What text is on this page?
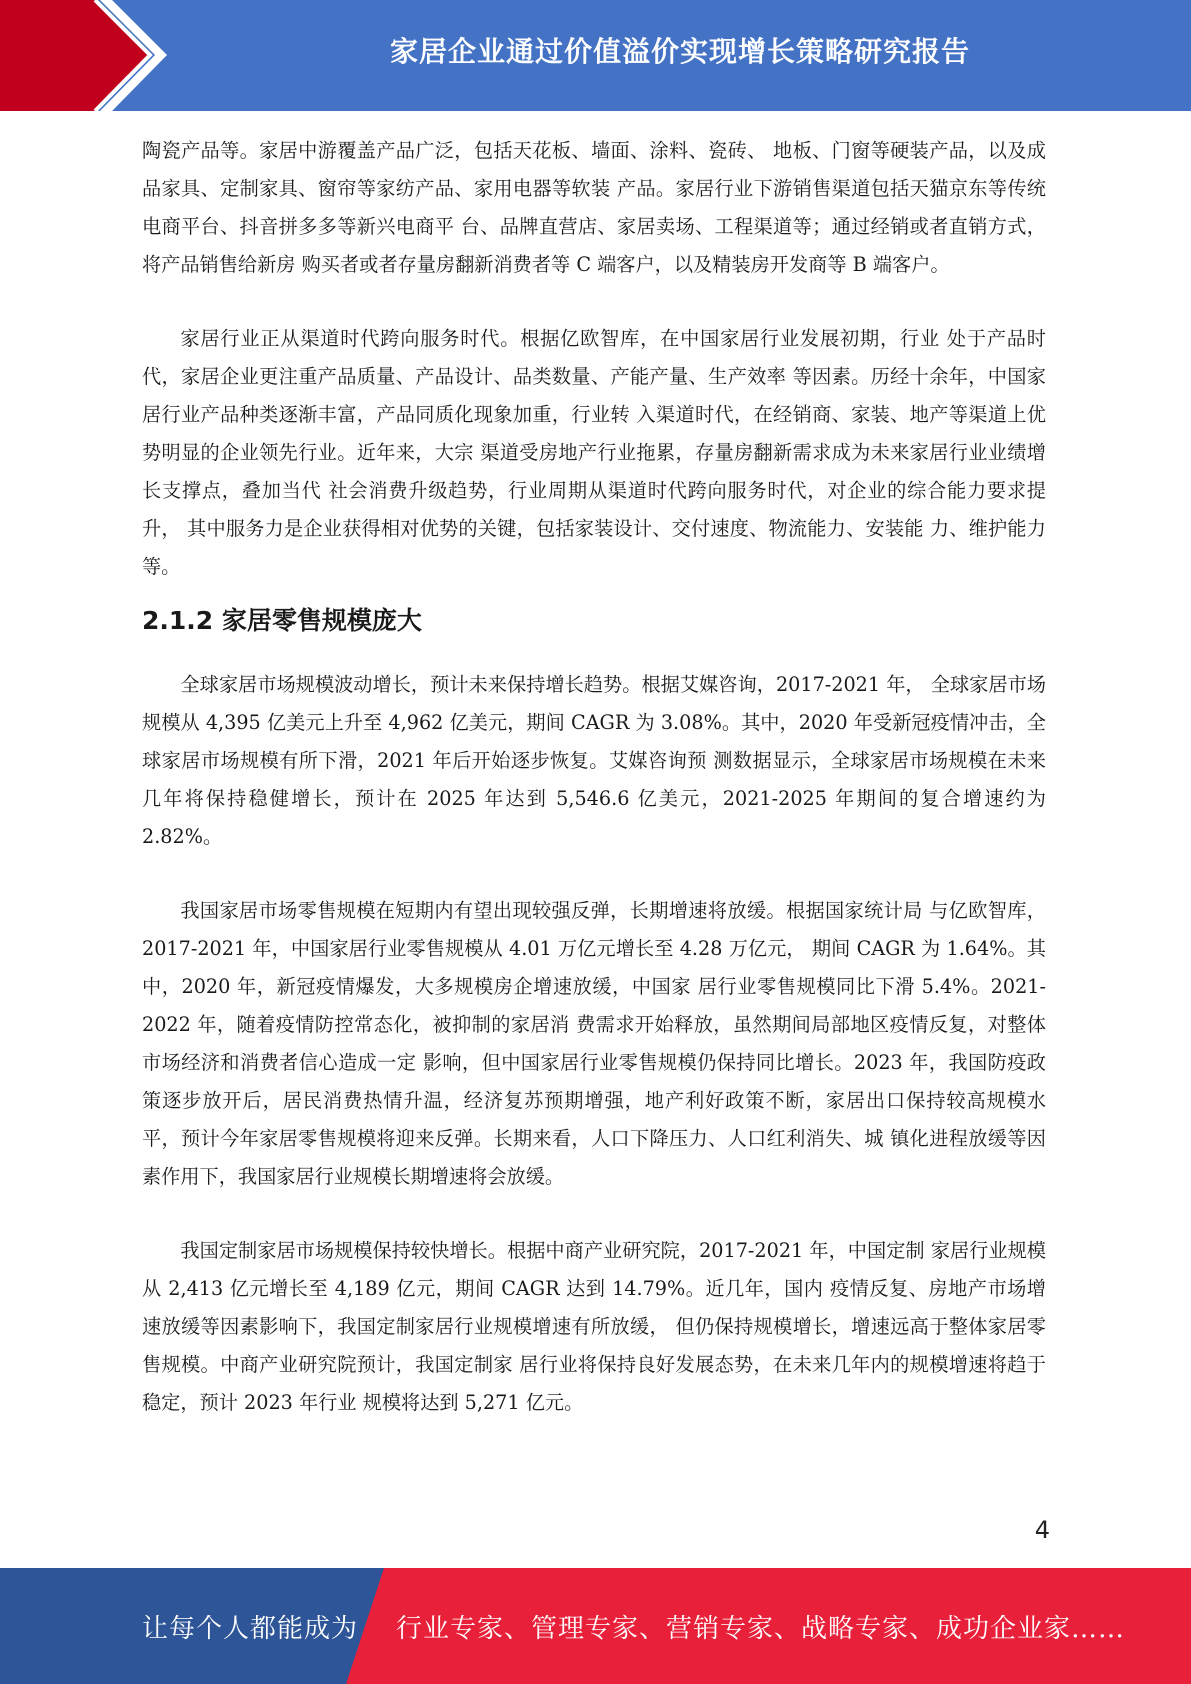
家居企业通过价值溢价实现增长策略研究报告

陶瓷产品等。家居中游覆盖产品广泛，包括天花板、墙面、涂料、瓷砖、 地板、门窗等硬装产品，以及成品家具、定制家具、窗帘等家纺产品、家用电器等软装 产品。家居行业下游销售渠道包括天猫京东等传统电商平台、抖音拼多多等新兴电商平 台、品牌直营店、家居卖场、工程渠道等；通过经销或者直销方式，将产品销售给新房 购买者或者存量房翻新消费者等 C 端客户，以及精装房开发商等 B 端客户。

家居行业正从渠道时代跨向服务时代。根据亿欧智库，在中国家居行业发展初期，行业 处于产品时代，家居企业更注重产品质量、产品设计、品类数量、产能产量、生产效率 等因素。历经十余年，中国家居行业产品种类逐渐丰富，产品同质化现象加重，行业转 入渠道时代，在经销商、家装、地产等渠道上优势明显的企业领先行业。近年来，大宗 渠道受房地产行业拖累，存量房翻新需求成为未来家居行业业绩增长支撑点，叠加当代 社会消费升级趋势，行业周期从渠道时代跨向服务时代，对企业的综合能力要求提升， 其中服务力是企业获得相对优势的关键，包括家装设计、交付速度、物流能力、安装能 力、维护能力等。

2.1.2 家居零售规模庞大

全球家居市场规模波动增长，预计未来保持增长趋势。根据艾媒咨询，2017-2021 年， 全球家居市场规模从 4,395 亿美元上升至 4,962 亿美元，期间 CAGR 为 3.08%。其中，2020 年受新冠疫情冲击，全球家居市场规模有所下滑，2021 年后开始逐步恢复。艾媒咨询预 测数据显示，全球家居市场规模在未来几年将保持稳健增长，预计在 2025 年达到 5,546.6 亿美元，2021-2025 年期间的复合增速约为 2.82%。

我国家居市场零售规模在短期内有望出现较强反弹，长期增速将放缓。根据国家统计局 与亿欧智库，2017-2021 年，中国家居行业零售规模从 4.01 万亿元增长至 4.28 万亿元， 期间 CAGR 为 1.64%。其中，2020 年，新冠疫情爆发，大多规模房企增速放缓，中国家 居行业零售规模同比下滑 5.4%。2021-2022 年，随着疫情防控常态化，被抑制的家居消 费需求开始释放，虽然期间局部地区疫情反复，对整体市场经济和消费者信心造成一定 影响，但中国家居行业零售规模仍保持同比增长。2023 年，我国防疫政策逐步放开后，居民消费热情升温，经济复苏预期增强，地产利好政策不断，家居出口保持较高规模水 平，预计今年家居零售规模将迎来反弹。长期来看，人口下降压力、人口红利消失、城 镇化进程放缓等因素作用下，我国家居行业规模长期增速将会放缓。

我国定制家居市场规模保持较快增长。根据中商产业研究院，2017-2021 年，中国定制 家居行业规模从 2,413 亿元增长至 4,189 亿元，期间 CAGR 达到 14.79%。近几年，国内 疫情反复、房地产市场增速放缓等因素影响下，我国定制家居行业规模增速有所放缓， 但仍保持规模增长，增速远高于整体家居零售规模。中商产业研究院预计，我国定制家 居行业将保持良好发展态势，在未来几年内的规模增速将趋于稳定，预计 2023 年行业 规模将达到 5,271 亿元。

4
让每个人都能成为 行业专家、管理专家、营销专家、战略专家、成功企业家……
